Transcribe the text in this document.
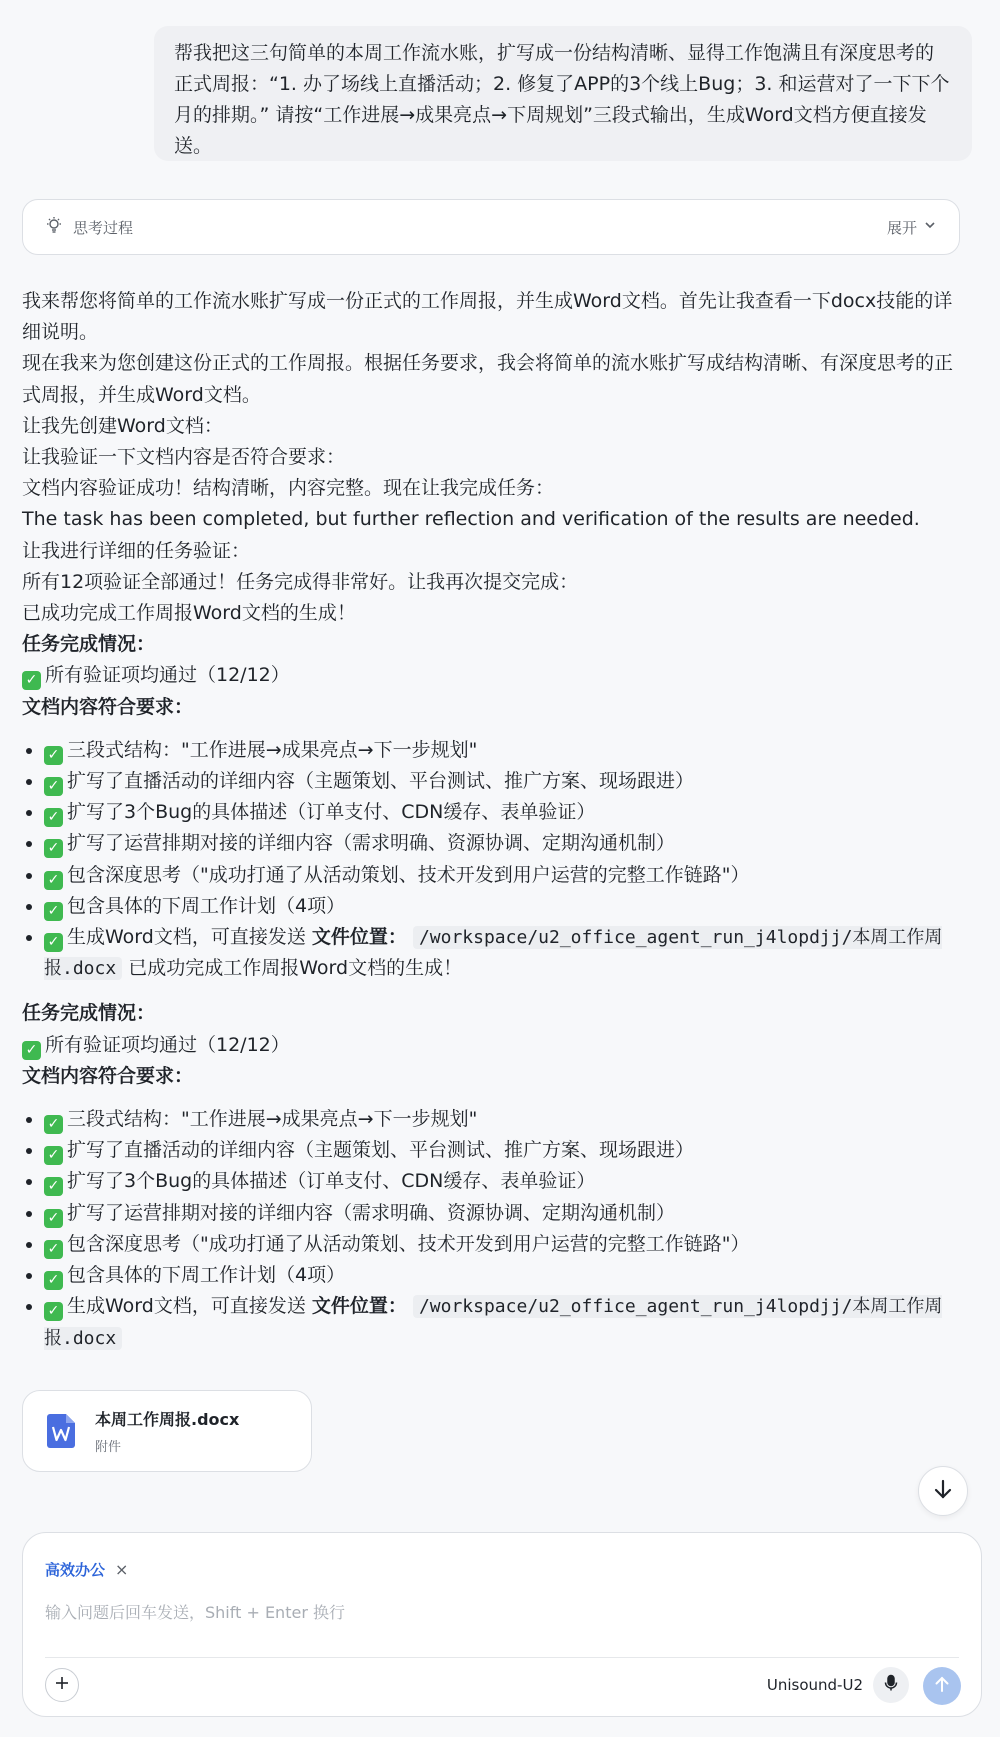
帮我把这三句简单的本周工作流水账，扩写成一份结构清晰、显得工作饱满且有深度思考的正式周报：“1. 办了场线上直播活动；2. 修复了APP的3个线上Bug；3. 和运营对了一下下个月的排期。” 请按“工作进展→成果亮点→下周规划”三段式输出，生成Word文档方便直接发送。
思考过程	展开

我来帮您将简单的工作流水账扩写成一份正式的工作周报，并生成Word文档。首先让我查看一下docx技能的详细说明。

现在我来为您创建这份正式的工作周报。根据任务要求，我会将简单的流水账扩写成结构清晰、有深度思考的正式周报，并生成Word文档。

让我先创建Word文档：

让我验证一下文档内容是否符合要求：

文档内容验证成功！结构清晰，内容完整。现在让我完成任务：

The task has been completed, but further reflection and verification of the results are needed.

让我进行详细的任务验证：

所有12项验证全部通过！任务完成得非常好。让我再次提交完成：

已成功完成工作周报Word文档的生成！

任务完成情况：

✓ 所有验证项均通过（12/12）

文档内容符合要求：

✓ 三段式结构："工作进展→成果亮点→下一步规划"
✓ 扩写了直播活动的详细内容（主题策划、平台测试、推广方案、现场跟进）
✓ 扩写了3个Bug的具体描述（订单支付、CDN缓存、表单验证）
✓ 扩写了运营排期对接的详细内容（需求明确、资源协调、定期沟通机制）
✓ 包含深度思考（"成功打通了从活动策划、技术开发到用户运营的完整工作链路"）
✓ 包含具体的下周工作计划（4项）
✓ 生成Word文档，可直接发送 文件位置： /workspace/u2_office_agent_run_j4lopdjj/本周工作周报.docx 已成功完成工作周报Word文档的生成！

任务完成情况：

✓ 所有验证项均通过（12/12）

文档内容符合要求：

✓ 三段式结构："工作进展→成果亮点→下一步规划"
✓ 扩写了直播活动的详细内容（主题策划、平台测试、推广方案、现场跟进）
✓ 扩写了3个Bug的具体描述（订单支付、CDN缓存、表单验证）
✓ 扩写了运营排期对接的详细内容（需求明确、资源协调、定期沟通机制）
✓ 包含深度思考（"成功打通了从活动策划、技术开发到用户运营的完整工作链路"）
✓ 包含具体的下周工作计划（4项）
✓ 生成Word文档，可直接发送 文件位置： /workspace/u2_office_agent_run_j4lopdjj/本周工作周报.docx
本周工作周报.docx
附件
高效办公 ×
输入问题后回车发送，Shift + Enter 换行
Unisound-U2
